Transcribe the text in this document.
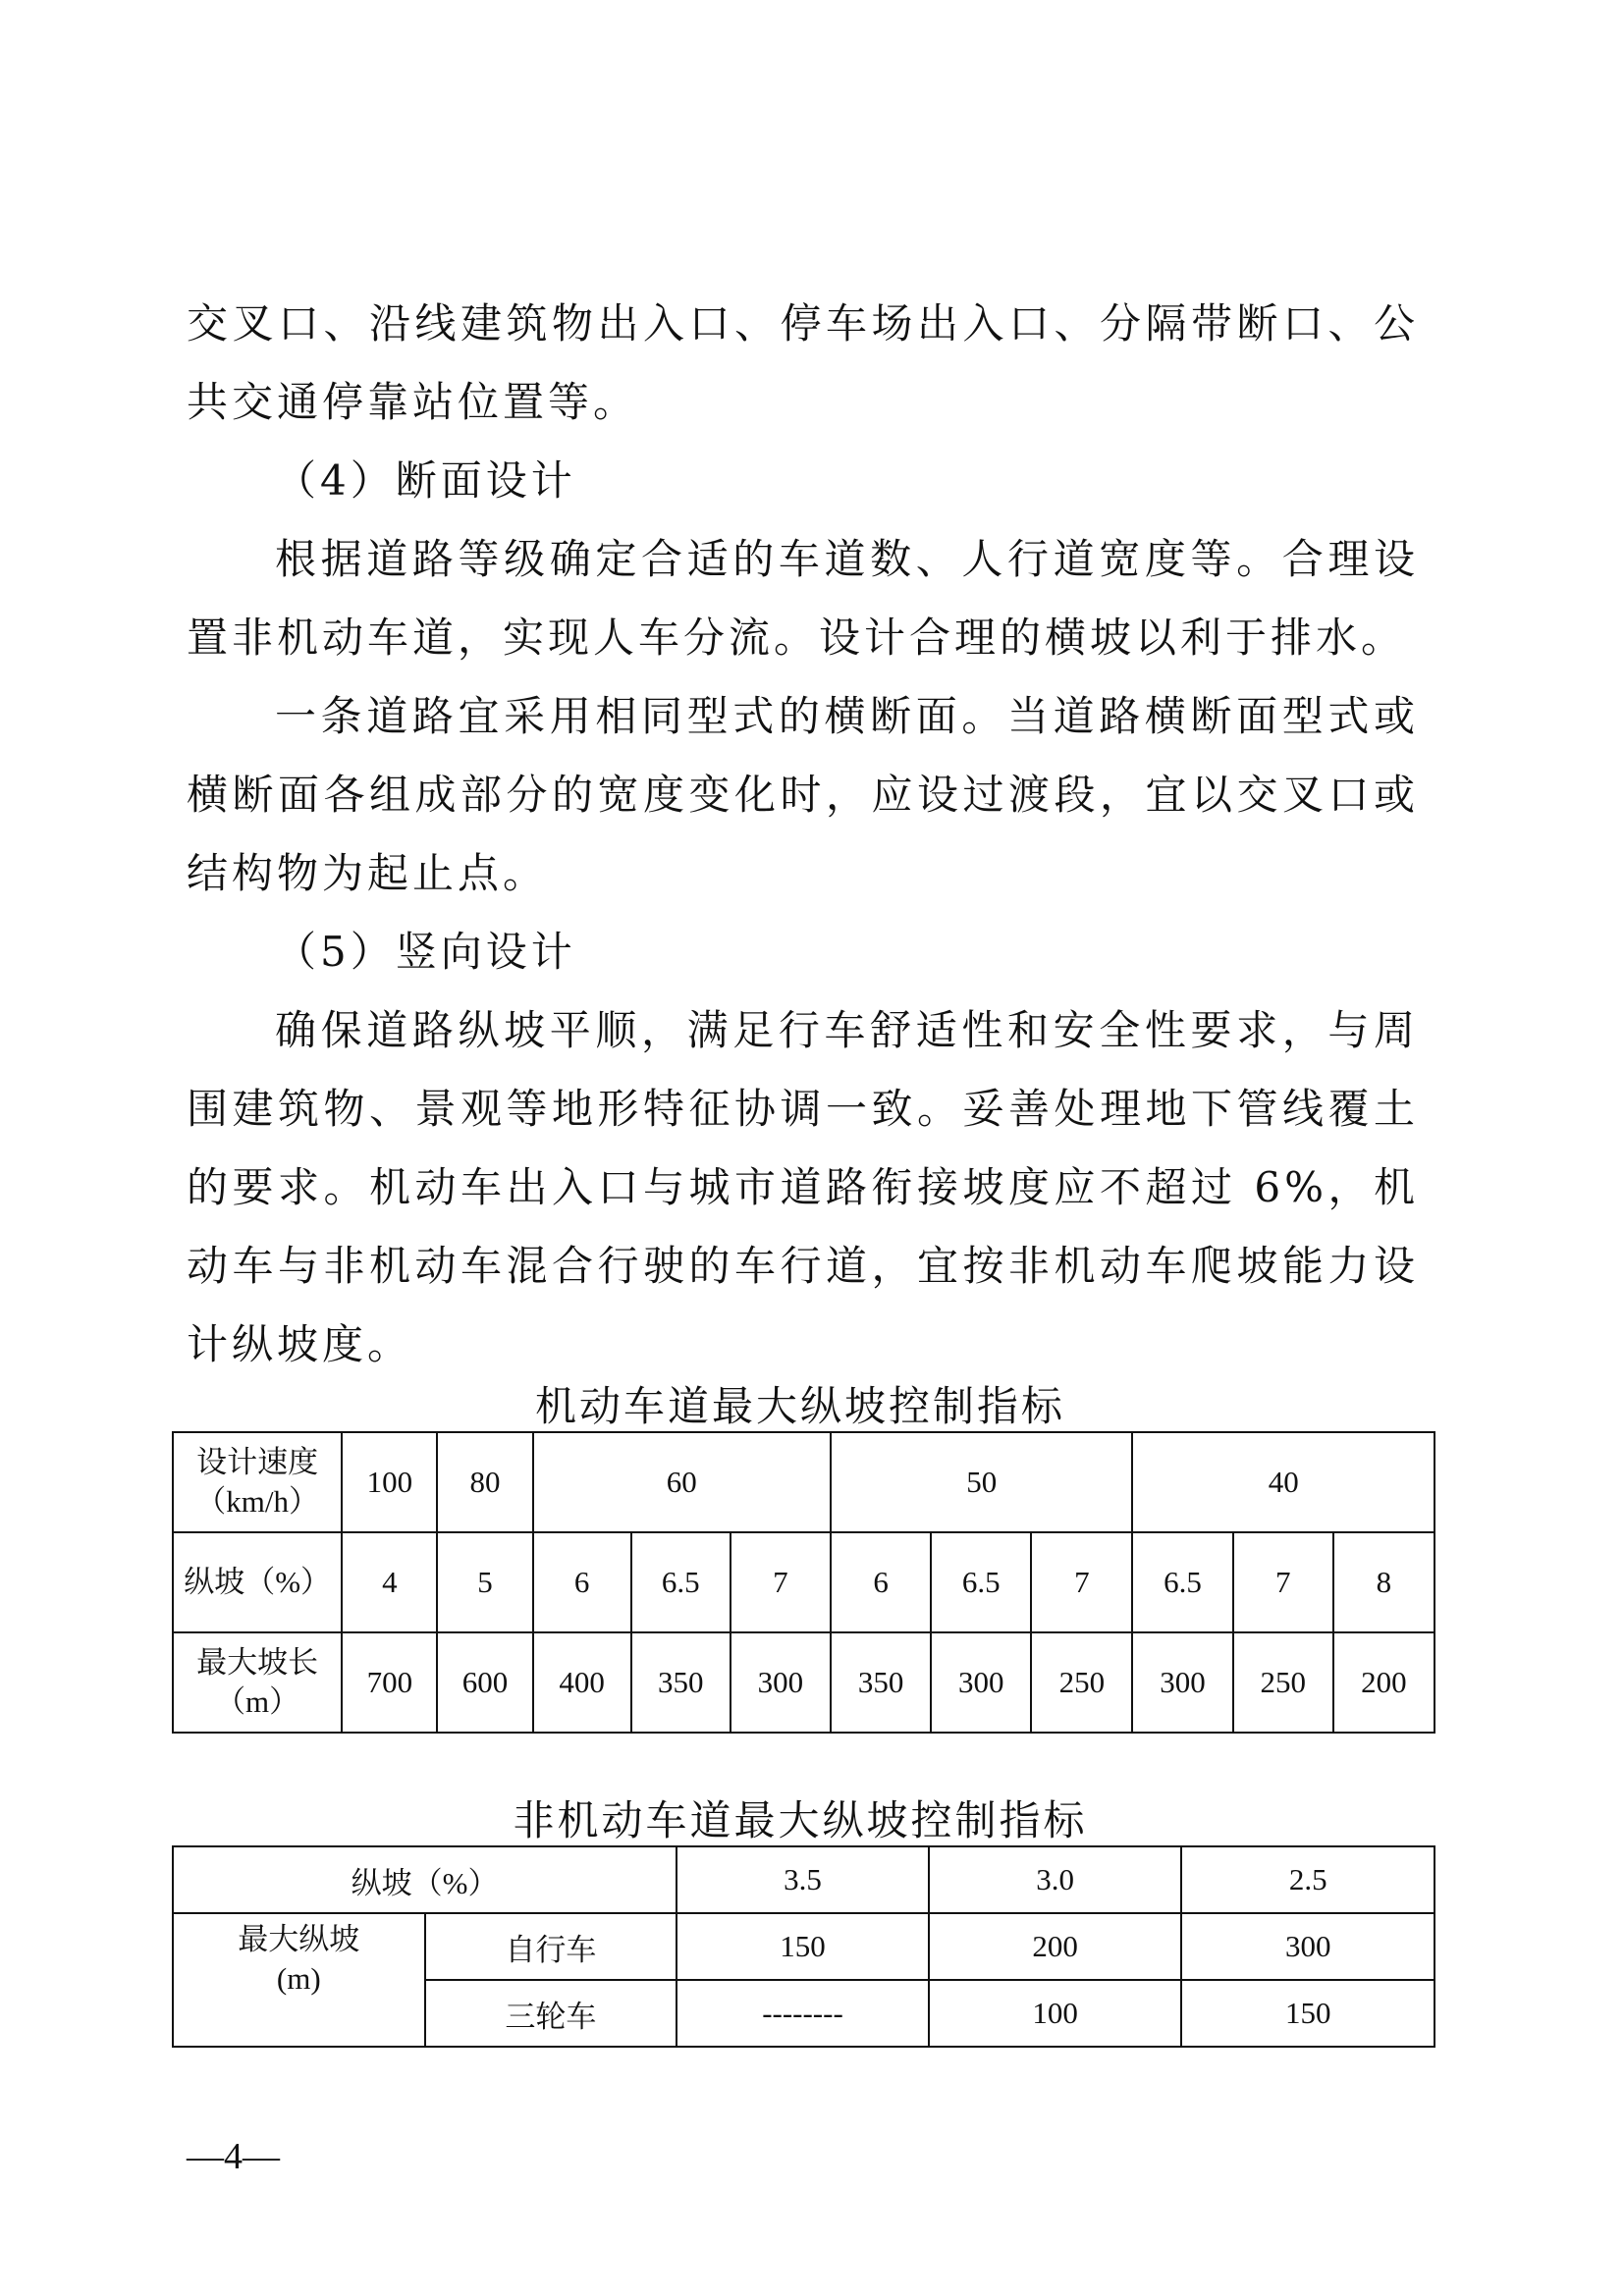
交叉口、沿线建筑物出入口、停车场出入口、分隔带断口、公共交通停靠站位置等。

（4）断面设计

根据道路等级确定合适的车道数、人行道宽度等。合理设置非机动车道，实现人车分流。设计合理的横坡以利于排水。

一条道路宜采用相同型式的横断面。当道路横断面型式或横断面各组成部分的宽度变化时，应设过渡段，宜以交叉口或结构物为起止点。

（5）竖向设计

确保道路纵坡平顺，满足行车舒适性和安全性要求，与周围建筑物、景观等地形特征协调一致。妥善处理地下管线覆土的要求。机动车出入口与城市道路衔接坡度应不超过 6%，机动车与非机动车混合行驶的车行道，宜按非机动车爬坡能力设计纵坡度。

机动车道最大纵坡控制指标
设计速度
（km/h）	100	80	60			50			40		
纵坡（%）	4	5	6	6.5	7	6	6.5	7	6.5	7	8

最大坡长
（m）	700	600	400	350	300	350	300	250	300	250	200
非机动车道最大纵坡控制指标
纵坡（%）		3.5	3.0	2.5

最大纵坡
(m)	自行车	150	200	300
	三轮车	--------	100	150
—4—
